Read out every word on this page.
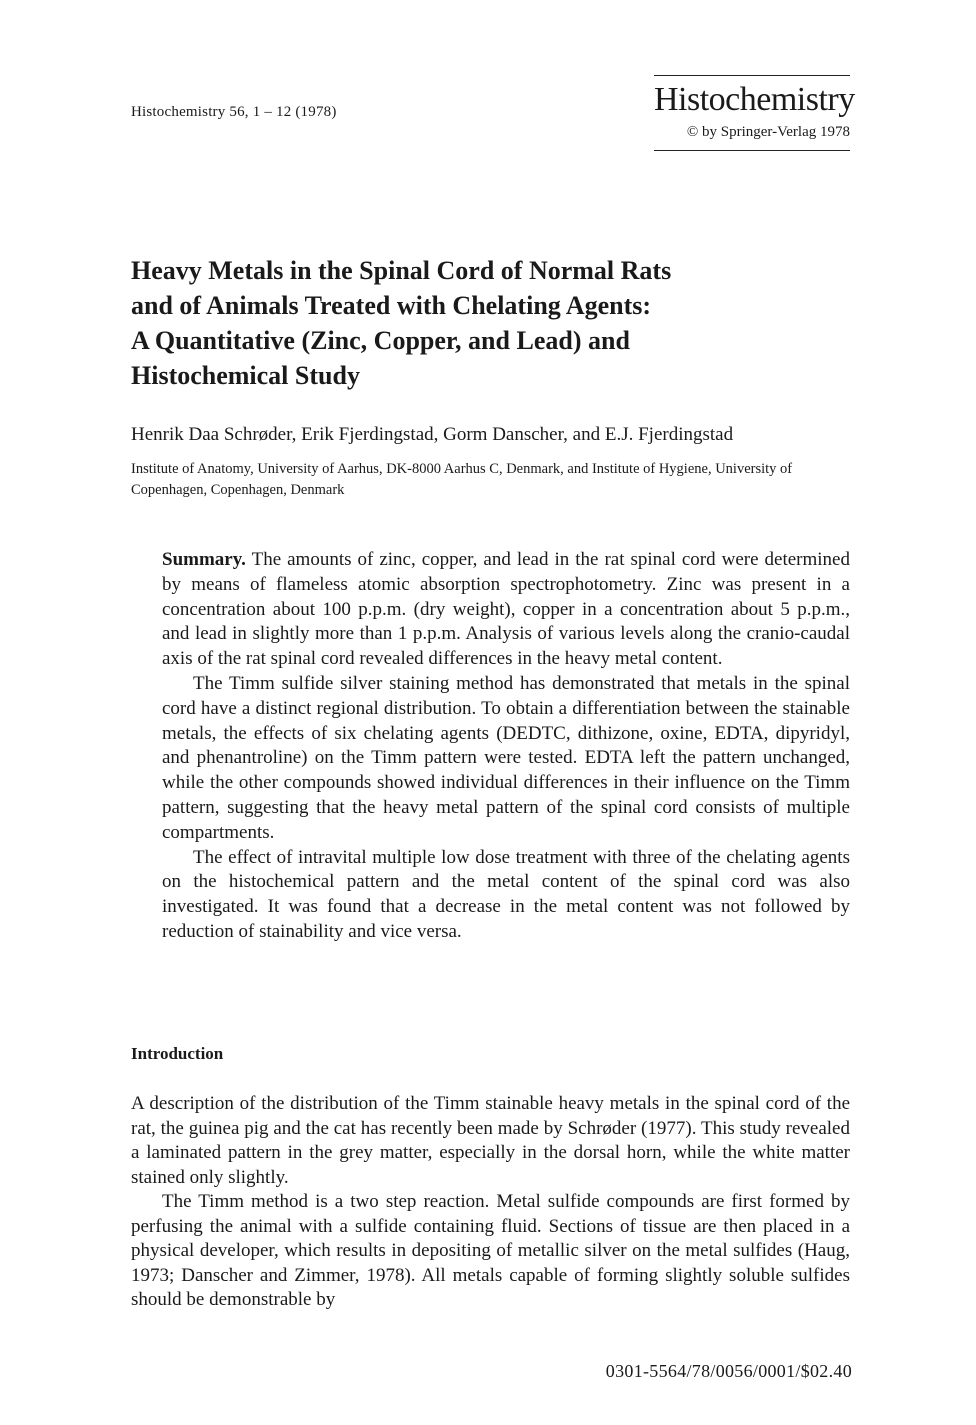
Histochemistry 56, 1 – 12 (1978)	Histochemistry
© by Springer-Verlag 1978
Heavy Metals in the Spinal Cord of Normal Rats
and of Animals Treated with Chelating Agents:
A Quantitative (Zinc, Copper, and Lead) and
Histochemical Study
Henrik Daa Schrøder, Erik Fjerdingstad, Gorm Danscher, and E.J. Fjerdingstad
Institute of Anatomy, University of Aarhus, DK-8000 Aarhus C, Denmark, and Institute of Hygiene, University of Copenhagen, Copenhagen, Denmark

Summary. The amounts of zinc, copper, and lead in the rat spinal cord were determined by means of flameless atomic absorption spectrophotometry. Zinc was present in a concentration about 100 p.p.m. (dry weight), copper in a concentration about 5 p.p.m., and lead in slightly more than 1 p.p.m. Analysis of various levels along the cranio-caudal axis of the rat spinal cord revealed differences in the heavy metal content.

The Timm sulfide silver staining method has demonstrated that metals in the spinal cord have a distinct regional distribution. To obtain a differentiation between the stainable metals, the effects of six chelating agents (DEDTC, dithizone, oxine, EDTA, dipyridyl, and phenantroline) on the Timm pattern were tested. EDTA left the pattern unchanged, while the other compounds showed individual differences in their influence on the Timm pattern, suggesting that the heavy metal pattern of the spinal cord consists of multiple compartments.

The effect of intravital multiple low dose treatment with three of the chelating agents on the histochemical pattern and the metal content of the spinal cord was also investigated. It was found that a decrease in the metal content was not followed by reduction of stainability and vice versa.

Introduction

A description of the distribution of the Timm stainable heavy metals in the spinal cord of the rat, the guinea pig and the cat has recently been made by Schrøder (1977). This study revealed a laminated pattern in the grey matter, especially in the dorsal horn, while the white matter stained only slightly.

The Timm method is a two step reaction. Metal sulfide compounds are first formed by perfusing the animal with a sulfide containing fluid. Sections of tissue are then placed in a physical developer, which results in depositing of metallic silver on the metal sulfides (Haug, 1973; Danscher and Zimmer, 1978). All metals capable of forming slightly soluble sulfides should be demonstrable by

0301-5564/78/0056/0001/$02.40
